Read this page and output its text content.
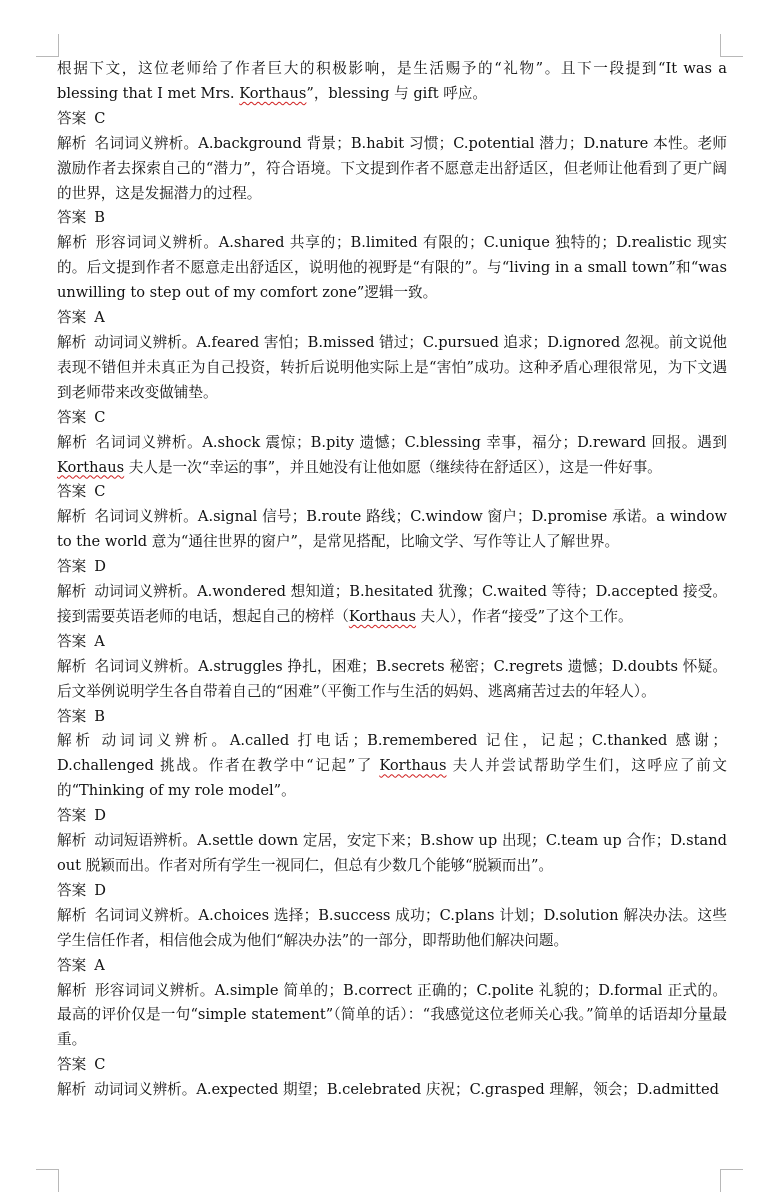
根据下文，这位老师给了作者巨大的积极影响，是生活赐予的“礼物”。且下一段提到“It was a blessing that I met Mrs. Korthaus”，blessing 与 gift 呼应。

答案 C

解析 名词词义辨析。A.background 背景；B.habit 习惯；C.potential 潜力；D.nature 本性。老师激励作者去探索自己的“潜力”，符合语境。下文提到作者不愿意走出舒适区，但老师让他看到了更广阔的世界，这是发掘潜力的过程。

答案 B

解析 形容词词义辨析。A.shared 共享的；B.limited 有限的；C.unique 独特的；D.realistic 现实的。后文提到作者不愿意走出舒适区，说明他的视野是“有限的”。与“living in a small town”和“was unwilling to step out of my comfort zone”逻辑一致。

答案 A

解析 动词词义辨析。A.feared 害怕；B.missed 错过；C.pursued 追求；D.ignored 忽视。前文说他表现不错但并未真正为自己投资，转折后说明他实际上是“害怕”成功。这种矛盾心理很常见，为下文遇到老师带来改变做铺垫。

答案 C

解析 名词词义辨析。A.shock 震惊；B.pity 遗憾；C.blessing 幸事，福分；D.reward 回报。遇到 Korthaus 夫人是一次“幸运的事”，并且她没有让他如愿（继续待在舒适区），这是一件好事。

答案 C

解析 名词词义辨析。A.signal 信号；B.route 路线；C.window 窗户；D.promise 承诺。a window to the world 意为“通往世界的窗户”，是常见搭配，比喻文学、写作等让人了解世界。

答案 D

解析 动词词义辨析。A.wondered 想知道；B.hesitated 犹豫；C.waited 等待；D.accepted 接受。接到需要英语老师的电话，想起自己的榜样（Korthaus 夫人），作者“接受”了这个工作。

答案 A

解析 名词词义辨析。A.struggles 挣扎，困难；B.secrets 秘密；C.regrets 遗憾；D.doubts 怀疑。后文举例说明学生各自带着自己的“困难”（平衡工作与生活的妈妈、逃离痛苦过去的年轻人）。

答案 B

解析 动词词义辨析。A.called 打电话；B.remembered 记住，记起；C.thanked 感谢；D.challenged 挑战。作者在教学中“记起”了 Korthaus 夫人并尝试帮助学生们，这呼应了前文的“Thinking of my role model”。

答案 D

解析 动词短语辨析。A.settle down 定居，安定下来；B.show up 出现；C.team up 合作；D.stand out 脱颖而出。作者对所有学生一视同仁，但总有少数几个能够“脱颖而出”。

答案 D

解析 名词词义辨析。A.choices 选择；B.success 成功；C.plans 计划；D.solution 解决办法。这些学生信任作者，相信他会成为他们“解决办法”的一部分，即帮助他们解决问题。

答案 A

解析 形容词词义辨析。A.simple 简单的；B.correct 正确的；C.polite 礼貌的；D.formal 正式的。最高的评价仅是一句“simple statement”（简单的话）：“我感觉这位老师关心我。”简单的话语却分量最重。

答案 C

解析 动词词义辨析。A.expected 期望；B.celebrated 庆祝；C.grasped 理解，领会；D.admitted
